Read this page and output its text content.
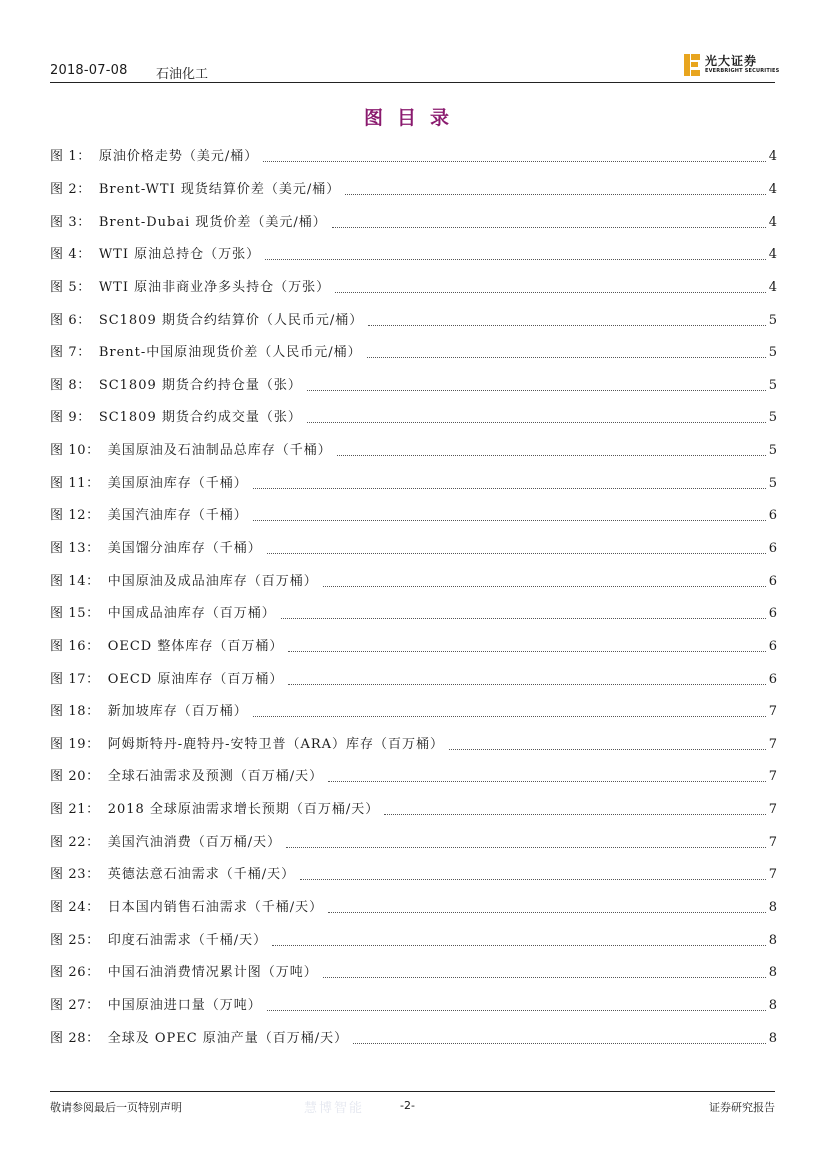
2018-07-08 石油化工
光大证券
EVERBRIGHT SECURITIES
图目录
图 1： 原油价格走势（美元/桶）	4
图 2： Brent-WTI 现货结算价差（美元/桶）	4
图 3： Brent-Dubai 现货价差（美元/桶）	4
图 4： WTI 原油总持仓（万张）	4
图 5： WTI 原油非商业净多头持仓（万张）	4
图 6： SC1809 期货合约结算价（人民币元/桶）	5
图 7： Brent-中国原油现货价差（人民币元/桶）	5
图 8： SC1809 期货合约持仓量（张）	5
图 9： SC1809 期货合约成交量（张）	5
图 10： 美国原油及石油制品总库存（千桶）	5
图 11： 美国原油库存（千桶）	5
图 12： 美国汽油库存（千桶）	6
图 13： 美国馏分油库存（千桶）	6
图 14： 中国原油及成品油库存（百万桶）	6
图 15： 中国成品油库存（百万桶）	6
图 16： OECD 整体库存（百万桶）	6
图 17： OECD 原油库存（百万桶）	6
图 18： 新加坡库存（百万桶）	7
图 19： 阿姆斯特丹-鹿特丹-安特卫普（ARA）库存（百万桶）	7
图 20： 全球石油需求及预测（百万桶/天）	7
图 21： 2018 全球原油需求增长预期（百万桶/天）	7
图 22： 美国汽油消费（百万桶/天）	7
图 23： 英德法意石油需求（千桶/天）	7
图 24： 日本国内销售石油需求（千桶/天）	8
图 25： 印度石油需求（千桶/天）	8
图 26： 中国石油消费情况累计图（万吨）	8
图 27： 中国原油进口量（万吨）	8
图 28： 全球及 OPEC 原油产量（百万桶/天）	8
敬请参阅最后一页特别声明	慧博智能	-2-	证券研究报告
